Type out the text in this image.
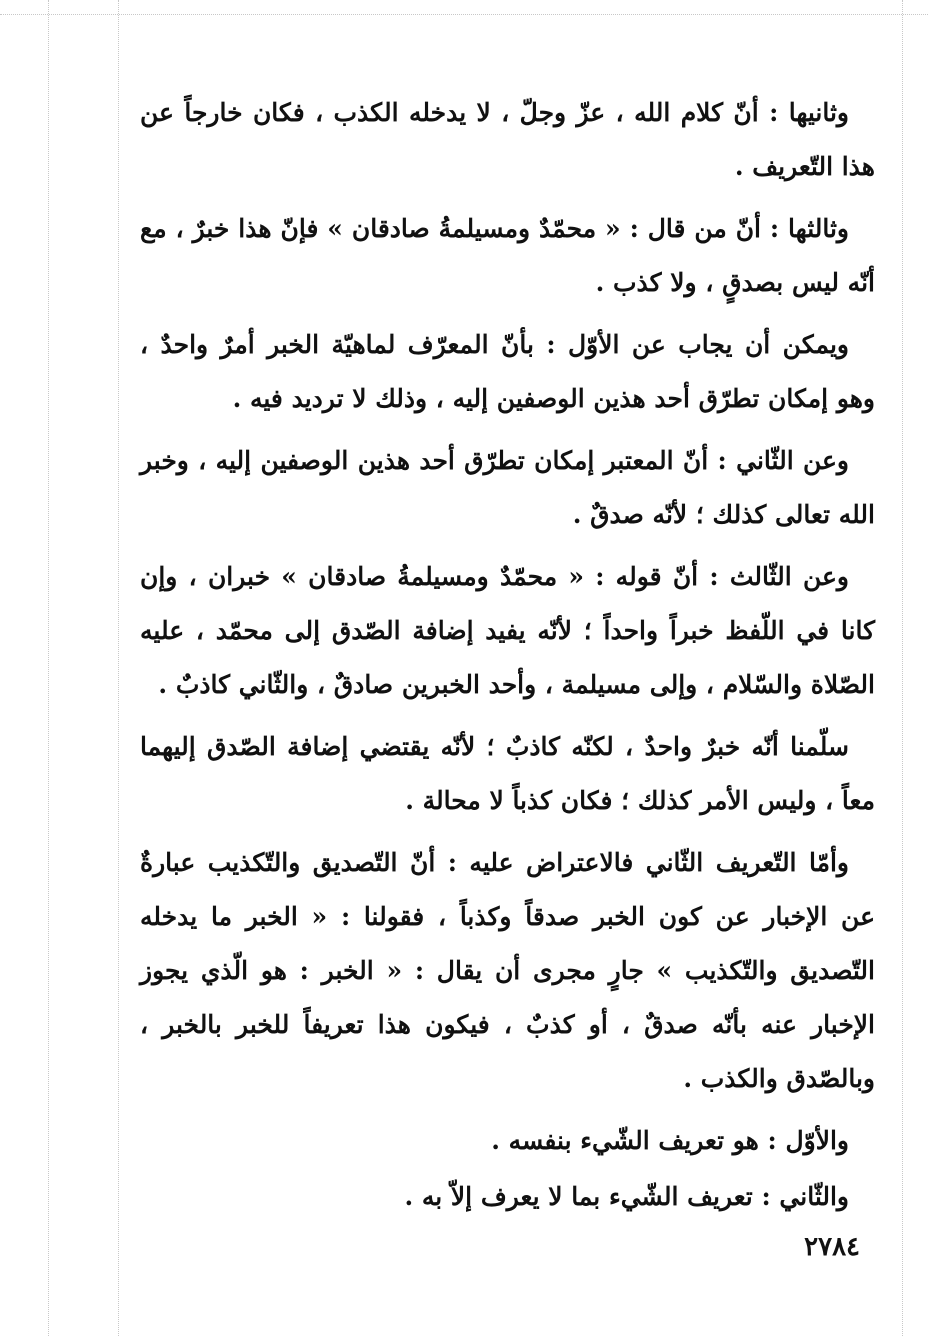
وثانيها : أنّ كلام الله ، عزّ وجلّ ، لا يدخله الكذب ، فكان خارجاً عن هذا التّعريف .

وثالثها : أنّ من قال : « محمّدٌ ومسيلمةُ صادقان » فإنّ هذا خبرٌ ، مع أنّه ليس بصدقٍ ، ولا كذب .

ويمكن أن يجاب عن الأوّل : بأنّ المعرّف لماهيّة الخبر أمرٌ واحدٌ ، وهو إمكان تطرّق أحد هذين الوصفين إليه ، وذلك لا ترديد فيه .

وعن الثّاني : أنّ المعتبر إمكان تطرّق أحد هذين الوصفين إليه ، وخبر الله تعالى كذلك ؛ لأنّه صدقٌ .

وعن الثّالث : أنّ قوله : « محمّدٌ ومسيلمةُ صادقان » خبران ، وإن كانا في اللّفظ خبراً واحداً ؛ لأنّه يفيد إضافة الصّدق إلى محمّد ، عليه الصّلاة والسّلام ، وإلى مسيلمة ، وأحد الخبرين صادقٌ ، والثّاني كاذبٌ .

سلّمنا أنّه خبرٌ واحدٌ ، لكنّه كاذبٌ ؛ لأنّه يقتضي إضافة الصّدق إليهما معاً ، وليس الأمر كذلك ؛ فكان كذباً لا محالة .

وأمّا التّعريف الثّاني فالاعتراض عليه : أنّ التّصديق والتّكذيب عبارةٌ عن الإخبار عن كون الخبر صدقاً وكذباً ، فقولنا : « الخبر ما يدخله التّصديق والتّكذيب » جارٍ مجرى أن يقال : « الخبر : هو الّذي يجوز الإخبار عنه بأنّه صدقٌ ، أو كذبٌ ، فيكون هذا تعريفاً للخبر بالخبر ، وبالصّدق والكذب .

والأوّل : هو تعريف الشّيء بنفسه .

والثّاني : تعريف الشّيء بما لا يعرف إلاّ به .

٢٧٨٤
